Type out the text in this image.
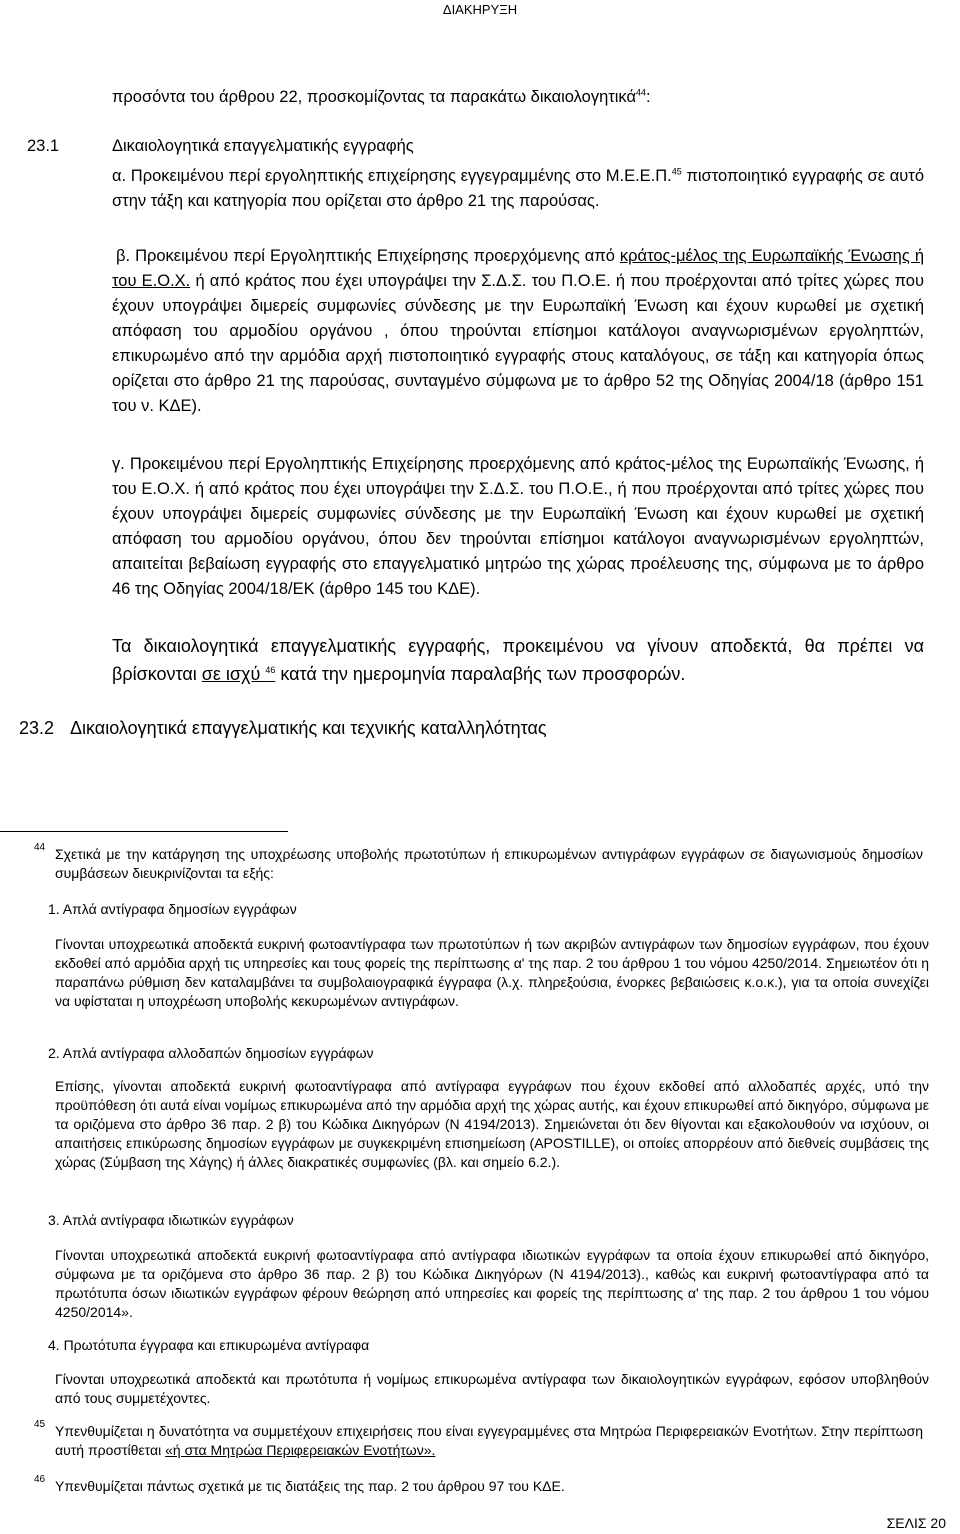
ΔΙΑΚΗΡΥΞΗ
προσόντα του άρθρου 22, προσκομίζοντας τα παρακάτω δικαιολογητικά$^{44}$:
23.1	Δικαιολογητικά επαγγελματικής εγγραφής
α. Προκειμένου περί εργοληπτικής επιχείρησης εγγεγραμμένης στο Μ.Ε.Ε.Π.$^{45}$ πιστοποιητικό εγγραφής σε αυτό στην τάξη και κατηγορία που ορίζεται στο άρθρο 21 της παρούσας.
β. Προκειμένου περί Εργοληπτικής Επιχείρησης προερχόμενης από κράτος-μέλος της Ευρωπαϊκής Ένωσης ή του Ε.Ο.Χ. ή από κράτος που έχει υπογράψει την Σ.Δ.Σ. του Π.Ο.Ε. ή που προέρχονται από τρίτες χώρες που έχουν υπογράψει διμερείς συμφωνίες σύνδεσης με την Ευρωπαϊκή Ένωση και έχουν κυρωθεί με σχετική απόφαση του αρμοδίου οργάνου , όπου τηρούνται επίσημοι κατάλογοι αναγνωρισμένων εργοληπτών, επικυρωμένο από την αρμόδια αρχή πιστοποιητικό εγγραφής στους καταλόγους, σε τάξη και κατηγορία όπως ορίζεται στο άρθρο 21 της παρούσας, συνταγμένο σύμφωνα με το άρθρο 52 της Οδηγίας 2004/18 (άρθρο 151 του ν. ΚΔΕ).
γ. Προκειμένου περί Εργοληπτικής Επιχείρησης προερχόμενης από κράτος-μέλος της Ευρωπαϊκής Ένωσης, ή του Ε.Ο.Χ. ή από κράτος που έχει υπογράψει την Σ.Δ.Σ. του Π.Ο.Ε., ή που προέρχονται από τρίτες χώρες που έχουν υπογράψει διμερείς συμφωνίες σύνδεσης με την Ευρωπαϊκή Ένωση και έχουν κυρωθεί με σχετική απόφαση του αρμοδίου οργάνου, όπου δεν τηρούνται επίσημοι κατάλογοι αναγνωρισμένων εργοληπτών, απαιτείται βεβαίωση εγγραφής στο επαγγελματικό μητρώο της χώρας προέλευσης της, σύμφωνα με το άρθρο 46 της Οδηγίας 2004/18/ΕΚ (άρθρο 145 του ΚΔΕ).
Τα δικαιολογητικά επαγγελματικής εγγραφής, προκειμένου να γίνουν αποδεκτά, θα πρέπει να βρίσκονται σε ισχύ $^{46}$ κατά την ημερομηνία παραλαβής των προσφορών.
23.2 Δικαιολογητικά επαγγελματικής και τεχνικής καταλληλότητας
44 Σχετικά με την κατάργηση της υποχρέωσης υποβολής πρωτοτύπων ή επικυρωμένων αντιγράφων εγγράφων σε διαγωνισμούς δημοσίων συμβάσεων διευκρινίζονται τα εξής:
1. Απλά αντίγραφα δημοσίων εγγράφων
Γίνονται υποχρεωτικά αποδεκτά ευκρινή φωτοαντίγραφα των πρωτοτύπων ή των ακριβών αντιγράφων των δημοσίων εγγράφων, που έχουν εκδοθεί από αρμόδια αρχή τις υπηρεσίες και τους φορείς της περίπτωσης α' της παρ. 2 του άρθρου 1 του νόμου 4250/2014. Σημειωτέον ότι η παραπάνω ρύθμιση δεν καταλαμβάνει τα συμβολαιογραφικά έγγραφα (λ.χ. πληρεξούσια, ένορκες βεβαιώσεις κ.ο.κ.), για τα οποία συνεχίζει να υφίσταται η υποχρέωση υποβολής κεκυρωμένων αντιγράφων.
2. Απλά αντίγραφα αλλοδαπών δημοσίων εγγράφων
Επίσης, γίνονται αποδεκτά ευκρινή φωτοαντίγραφα από αντίγραφα εγγράφων που έχουν εκδοθεί από αλλοδαπές αρχές, υπό την προϋπόθεση ότι αυτά είναι νομίμως επικυρωμένα από την αρμόδια αρχή της χώρας αυτής, και έχουν επικυρωθεί από δικηγόρο, σύμφωνα με τα οριζόμενα στο άρθρο 36 παρ. 2 β) του Κώδικα Δικηγόρων (Ν 4194/2013). Σημειώνεται ότι δεν θίγονται και εξακολουθούν να ισχύουν, οι απαιτήσεις επικύρωσης δημοσίων εγγράφων με συγκεκριμένη επισημείωση (APOSTILLE), οι οποίες απορρέουν από διεθνείς συμβάσεις της χώρας (Σύμβαση της Χάγης) ή άλλες διακρατικές συμφωνίες (βλ. και σημείο 6.2.).
3. Απλά αντίγραφα ιδιωτικών εγγράφων
Γίνονται υποχρεωτικά αποδεκτά ευκρινή φωτοαντίγραφα από αντίγραφα ιδιωτικών εγγράφων τα οποία έχουν επικυρωθεί από δικηγόρο, σύμφωνα με τα οριζόμενα στο άρθρο 36 παρ. 2 β) του Κώδικα Δικηγόρων (Ν 4194/2013)., καθώς και ευκρινή φωτοαντίγραφα από τα πρωτότυπα όσων ιδιωτικών εγγράφων φέρουν θεώρηση από υπηρεσίες και φορείς της περίπτωσης α' της παρ. 2 του άρθρου 1 του νόμου 4250/2014».
4. Πρωτότυπα έγγραφα και επικυρωμένα αντίγραφα
Γίνονται υποχρεωτικά αποδεκτά και πρωτότυπα ή νομίμως επικυρωμένα αντίγραφα των δικαιολογητικών εγγράφων, εφόσον υποβληθούν από τους συμμετέχοντες.
45 Υπενθυμίζεται η δυνατότητα να συμμετέχουν επιχειρήσεις που είναι εγγεγραμμένες στα Μητρώα Περιφερειακών Ενοτήτων. Στην περίπτωση αυτή προστίθεται «ή στα Μητρώα Περιφερειακών Ενοτήτων».
46 Υπενθυμίζεται πάντως σχετικά με τις διατάξεις της παρ. 2 του άρθρου 97 του ΚΔΕ.
ΣΕΛΙΣ 20
